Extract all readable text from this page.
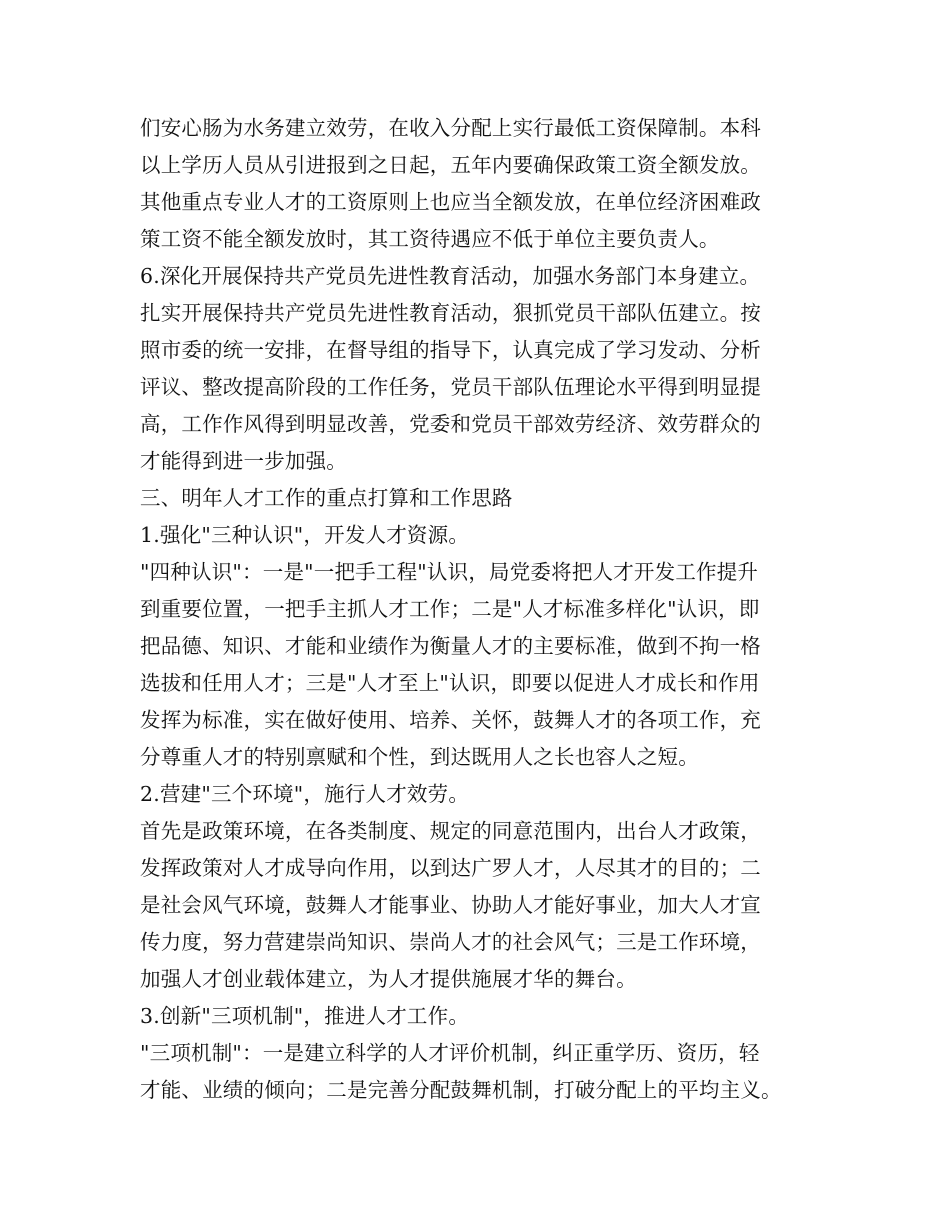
们安心肠为水务建立效劳，在收入分配上实行最低工资保障制。本科
以上学历人员从引进报到之日起，五年内要确保政策工资全额发放。
其他重点专业人才的工资原则上也应当全额发放，在单位经济困难政
策工资不能全额发放时，其工资待遇应不低于单位主要负责人。
6.深化开展保持共产党员先进性教育活动，加强水务部门本身建立。
扎实开展保持共产党员先进性教育活动，狠抓党员干部队伍建立。按
照市委的统一安排，在督导组的指导下，认真完成了学习发动、分析
评议、整改提高阶段的工作任务，党员干部队伍理论水平得到明显提
高，工作作风得到明显改善，党委和党员干部效劳经济、效劳群众的
才能得到进一步加强。
三、明年人才工作的重点打算和工作思路
1.强化"三种认识"，开发人才资源。
"四种认识"：一是"一把手工程"认识，局党委将把人才开发工作提升
到重要位置，一把手主抓人才工作；二是"人才标准多样化"认识，即
把品德、知识、才能和业绩作为衡量人才的主要标准，做到不拘一格
选拔和任用人才；三是"人才至上"认识，即要以促进人才成长和作用
发挥为标准，实在做好使用、培养、关怀，鼓舞人才的各项工作，充
分尊重人才的特别禀赋和个性，到达既用人之长也容人之短。
2.营建"三个环境"，施行人才效劳。
首先是政策环境，在各类制度、规定的同意范围内，出台人才政策，
发挥政策对人才成导向作用，以到达广罗人才，人尽其才的目的；二
是社会风气环境，鼓舞人才能事业、协助人才能好事业，加大人才宣
传力度，努力营建崇尚知识、崇尚人才的社会风气；三是工作环境，
加强人才创业载体建立，为人才提供施展才华的舞台。
3.创新"三项机制"，推进人才工作。
"三项机制"：一是建立科学的人才评价机制，纠正重学历、资历，轻
才能、业绩的倾向；二是完善分配鼓舞机制，打破分配上的平均主义。
